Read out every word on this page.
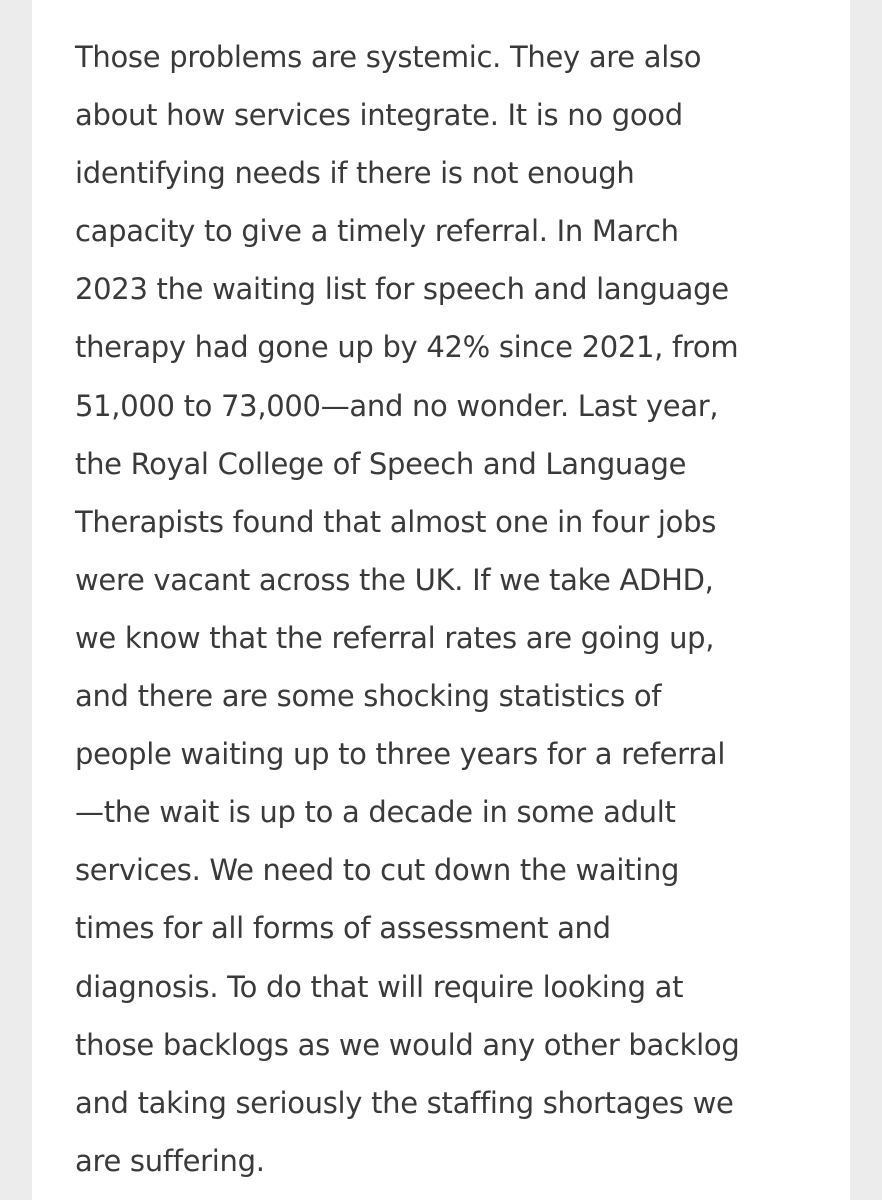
Those problems are systemic. They are also
about how services integrate. It is no good
identifying needs if there is not enough
capacity to give a timely referral. In March
2023 the waiting list for speech and language
therapy had gone up by 42% since 2021, from
51,000 to 73,000—and no wonder. Last year,
the Royal College of Speech and Language
Therapists found that almost one in four jobs
were vacant across the UK. If we take ADHD,
we know that the referral rates are going up,
and there are some shocking statistics of
people waiting up to three years for a referral
—the wait is up to a decade in some adult
services. We need to cut down the waiting
times for all forms of assessment and
diagnosis. To do that will require looking at
those backlogs as we would any other backlog
and taking seriously the staffing shortages we
are suffering.
